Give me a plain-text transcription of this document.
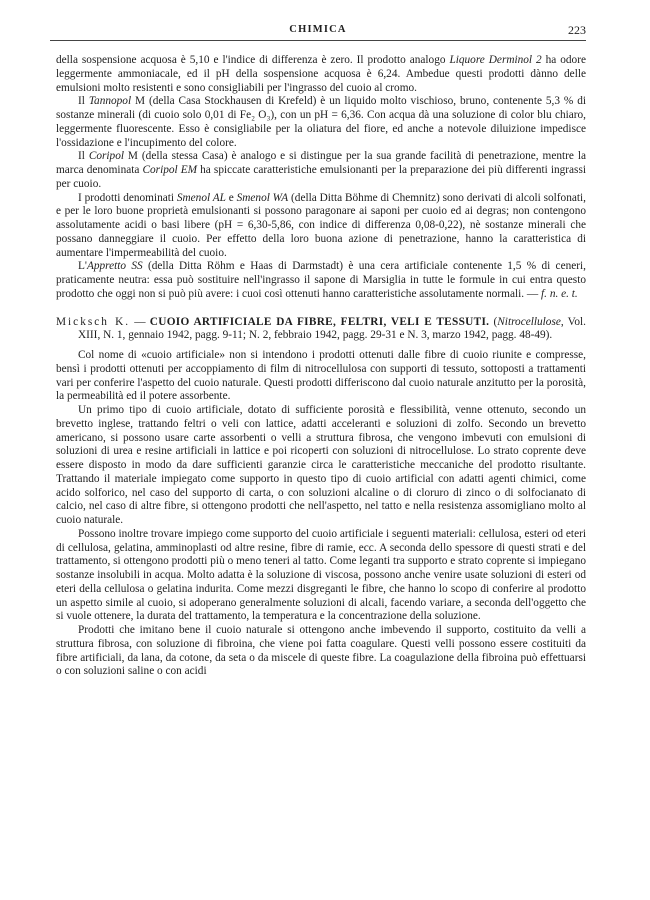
CHIMICA	223

della sospensione acquosa è 5,10 e l'indice di differenza è zero. Il prodotto analogo Liquore Derminol 2 ha odore leggermente ammoniacale, ed il pH della sospensione acquosa è 6,24. Ambedue questi prodotti dànno delle emulsioni molto resistenti e sono consigliabili per l'ingrasso del cuoio al cromo.

Il Tannopol M (della Casa Stockhausen di Krefeld) è un liquido molto vischioso, bruno, contenente 5,3 % di sostanze minerali (di cuoio solo 0,01 di Fe₂ O₃), con un pH = 6,36. Con acqua dà una soluzione di color blu chiaro, leggermente fluorescente. Esso è consigliabile per la oliatura del fiore, ed anche a notevole diluizione impedisce l'ossidazione e l'incupimento del colore.

Il Coripol M (della stessa Casa) è analogo e si distingue per la sua grande facilità di penetrazione, mentre la marca denominata Coripol EM ha spiccate caratteristiche emulsionanti per la preparazione dei più differenti ingrassi per cuoio.

I prodotti denominati Smenol AL e Smenol WA (della Ditta Böhme di Chemnitz) sono derivati di alcoli solfonati, e per le loro buone proprietà emulsionanti si possono paragonare ai saponi per cuoio ed ai degras; non contengono assolutamente acidi o basi libere (pH = 6,30-5,86, con indice di differenza 0,08-0,22), nè sostanze minerali che possano danneggiare il cuoio. Per effetto della loro buona azione di penetrazione, hanno la caratteristica di aumentare l'impermeabilità del cuoio.

L'Appretto SS (della Ditta Röhm e Haas di Darmstadt) è una cera artificiale contenente 1,5 % di ceneri, praticamente neutra: essa può sostituire nell'ingrasso il sapone di Marsiglia in tutte le formule in cui entra questo prodotto che oggi non si può più avere: i cuoi così ottenuti hanno caratteristiche assolutamente normali. — f. n. e. t.

Micksch K. — CUOIO ARTIFICIALE DA FIBRE, FELTRI, VELI E TESSUTI. (Nitrocellulose, Vol. XIII, N. 1, gennaio 1942, pagg. 9-11; N. 2, febbraio 1942, pagg. 29-31 e N. 3, marzo 1942, pagg. 48-49).

Col nome di «cuoio artificiale» non si intendono i prodotti ottenuti dalle fibre di cuoio riunite e compresse, bensì i prodotti ottenuti per accoppiamento di film di nitrocellulosa con supporti di tessuto, sottoposti a trattamenti vari per conferire l'aspetto del cuoio naturale. Questi prodotti differiscono dal cuoio naturale anzitutto per la porosità, la permeabilità ed il potere assorbente.

Un primo tipo di cuoio artificiale, dotato di sufficiente porosità e flessibilità, venne ottenuto, secondo un brevetto inglese, trattando feltri o veli con lattice, adatti acceleranti e soluzioni di zolfo. Secondo un brevetto americano, si possono usare carte assorbenti o velli a struttura fibrosa, che vengono imbevuti con emulsioni di soluzioni di urea e resine artificiali in lattice e poi ricoperti con soluzioni di nitrocellulose. Lo strato coprente deve essere disposto in modo da dare sufficienti garanzie circa le caratteristiche meccaniche del prodotto risultante. Trattando il materiale impiegato come supporto in questo tipo di cuoio artificial con adatti agenti chimici, come acido solforico, nel caso del supporto di carta, o con soluzioni alcaline o di cloruro di zinco o di solfocianato di calcio, nel caso di altre fibre, si ottengono prodotti che nell'aspetto, nel tatto e nella resistenza assomigliano molto al cuoio naturale.

Possono inoltre trovare impiego come supporto del cuoio artificiale i seguenti materiali: cellulosa, esteri od eteri di cellulosa, gelatina, amminoplasti od altre resine, fibre di ramie, ecc. A seconda dello spessore di questi strati e del trattamento, si ottengono prodotti più o meno teneri al tatto. Come leganti tra supporto e strato coprente si impiegano sostanze insolubili in acqua. Molto adatta è la soluzione di viscosa, possono anche venire usate soluzioni di esteri od eteri della cellulosa o gelatina indurita. Come mezzi disgreganti le fibre, che hanno lo scopo di conferire al prodotto un aspetto simile al cuoio, si adoperano generalmente soluzioni di alcali, facendo variare, a seconda dell'oggetto che si vuole ottenere, la durata del trattamento, la temperatura e la concentrazione della soluzione.

Prodotti che imitano bene il cuoio naturale si ottengono anche imbevendo il supporto, costituito da velli a struttura fibrosa, con soluzione di fibroina, che viene poi fatta coagulare. Questi velli possono essere costituiti da fibre artificiali, da lana, da cotone, da seta o da miscele di queste fibre. La coagulazione della fibroina può effettuarsi o con soluzioni saline o con acidi
